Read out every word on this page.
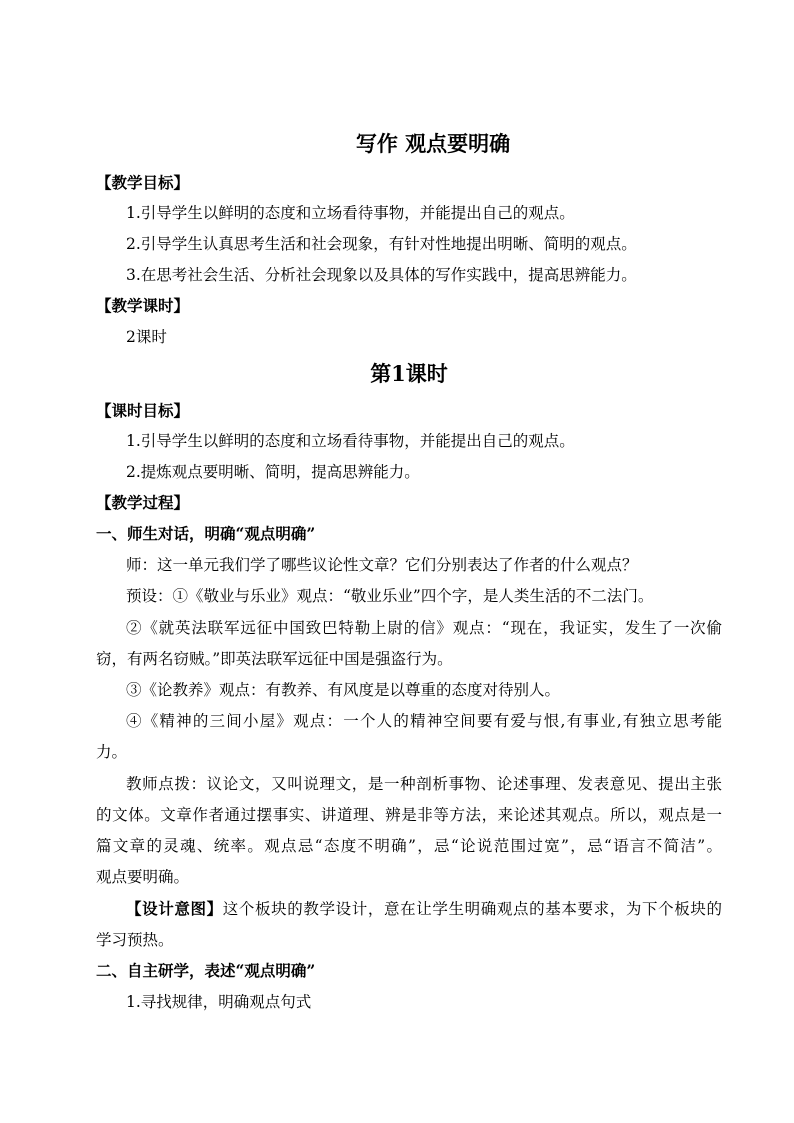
写作 观点要明确
【教学目标】
1.引导学生以鲜明的态度和立场看待事物，并能提出自己的观点。
2.引导学生认真思考生活和社会现象，有针对性地提出明晰、简明的观点。
3.在思考社会生活、分析社会现象以及具体的写作实践中，提高思辨能力。
【教学课时】
2课时
第1课时
【课时目标】
1.引导学生以鲜明的态度和立场看待事物，并能提出自己的观点。
2.提炼观点要明晰、简明，提高思辨能力。
【教学过程】
一、师生对话，明确“观点明确”
师：这一单元我们学了哪些议论性文章？它们分别表达了作者的什么观点？
预设：①《敬业与乐业》观点：“敬业乐业”四个字，是人类生活的不二法门。
②《就英法联军远征中国致巴特勒上尉的信》观点：“现在，我证实，发生了一次偷
窃，有两名窃贼。”即英法联军远征中国是强盗行为。
③《论教养》观点：有教养、有风度是以尊重的态度对待别人。
④《精神的三间小屋》观点：一个人的精神空间要有爱与恨,有事业,有独立思考能
力。
教师点拨：议论文，又叫说理文，是一种剖析事物、论述事理、发表意见、提出主张
的文体。文章作者通过摆事实、讲道理、辨是非等方法，来论述其观点。所以，观点是一
篇文章的灵魂、统率。观点忌“态度不明确”，忌“论说范围过宽”，忌“语言不简洁”。
观点要明确。
【设计意图】这个板块的教学设计，意在让学生明确观点的基本要求，为下个板块的
学习预热。
二、自主研学，表述“观点明确”
1.寻找规律，明确观点句式
